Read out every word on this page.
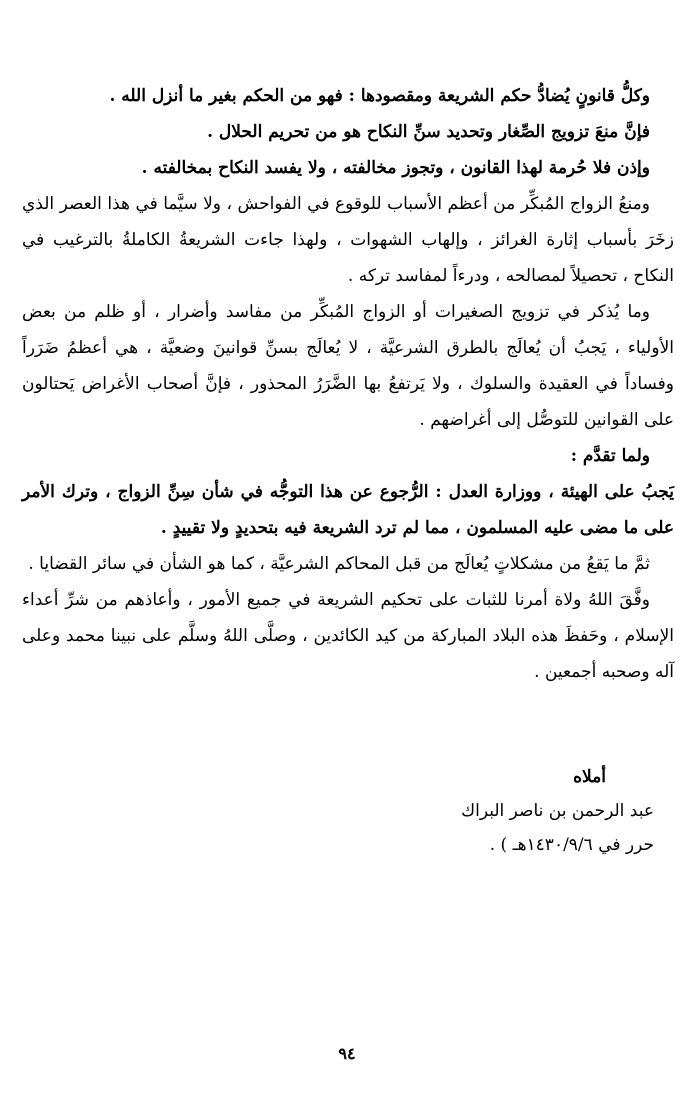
وكلُّ قانونٍ يُضادُّ حكم الشريعة ومقصودها : فهو من الحكم بغير ما أنزل الله .

فإنَّ منعَ تزويج الصِّغار وتحديد سنِّ النكاح هو من تحريم الحلال .

وإذن فلا حُرمة لهذا القانون ، وتجوز مخالفته ، ولا يفسد النكاح بمخالفته .

ومنعُ الزواج المُبكِّر من أعظم الأسباب للوقوع في الفواحش ، ولا سيَّما في هذا العصر الذي زخَرَ بأسباب إثارة الغرائز ، وإلهاب الشهوات ، ولهذا جاءت الشريعةُ الكاملةُ بالترغيب في النكاح ، تحصيلاً لمصالحه ، ودرءاً لمفاسد تركه .

وما يُذكر في تزويج الصغيرات أو الزواج المُبكِّر من مفاسد وأضرار ، أو ظلم من بعض الأولياء ، يَجبُ أن يُعالَج بالطرق الشرعيَّة ، لا يُعالَج بسنِّ قوانينَ وضعيَّة ، هي أعظمُ ضَرَراً وفساداً في العقيدة والسلوك ، ولا يَرتفعُ بها الضَّرَرُ المحذور ، فإنَّ أصحاب الأغراض يَحتالون على القوانين للتوصُّل إلى أغراضهم .

ولما تقدَّم :

يَجبُ على الهيئة ، ووزارة العدل : الرُّجوع عن هذا التوجُّه في شأن سِنِّ الزواج ، وترك الأمر على ما مضى عليه المسلمون ، مما لم ترد الشريعة فيه بتحديدٍ ولا تقييدٍ .

ثمَّ ما يَقعُ من مشكلاتٍ يُعالَج من قبل المحاكم الشرعيَّة ، كما هو الشأن في سائر القضايا .

وفَّقَ اللهُ ولاة أمرنا للثبات على تحكيم الشريعة في جميع الأمور ، وأعاذهم من شرِّ أعداء الإسلام ، وحَفظَ هذه البلاد المباركة من كيد الكائدين ، وصلَّى اللهُ وسلَّم على نبينا محمد وعلى آله وصحبه أجمعين .

أملاه

عبد الرحمن بن ناصر البراك

حرر في ١٤٣٠/٩/٦هـ ) .

٩٤
